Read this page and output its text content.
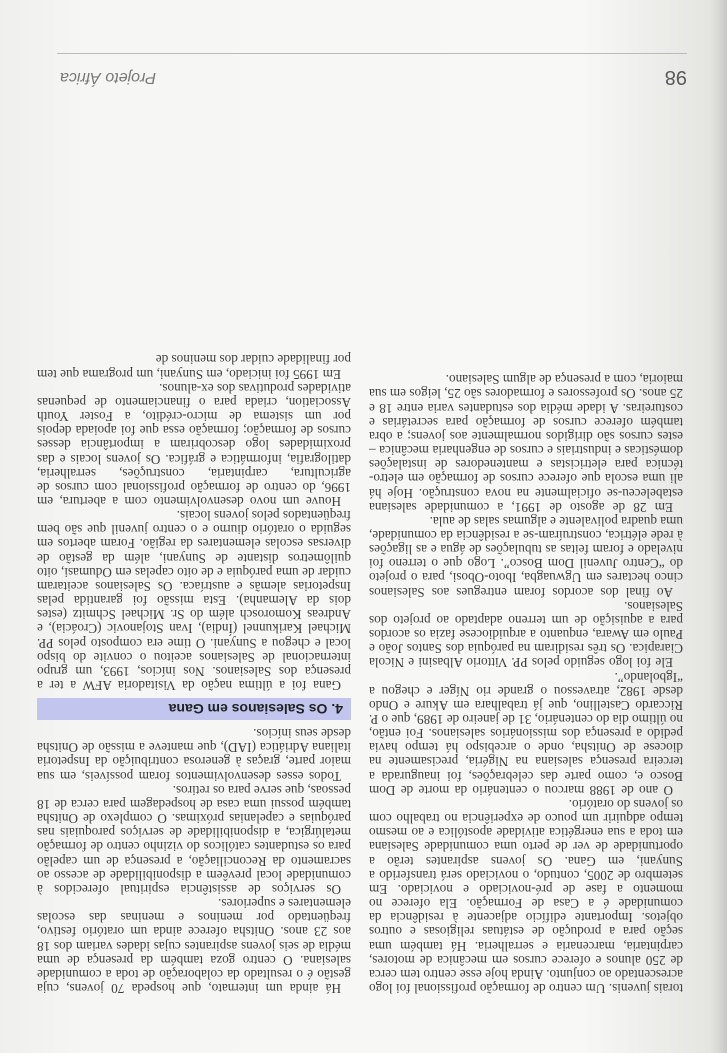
98
Projeto África

torais juvenis. Um centro de formação profissional foi logo acrescentado ao conjunto. Ainda hoje esse centro tem cerca de 250 alunos e oferece cursos em mecânica de motores, carpintaria, marcenaria e serralheria. Há também uma seção para a produção de estátuas religiosas e outros objetos. Importante edifício adjacente à residência da comunidade é a Casa de Formação. Ela oferece no momento a fase de pré-noviciado e noviciado. Em setembro de 2005, contudo, o noviciado será transferido a Sunyani, em Gana. Os jovens aspirantes terão a oportunidade de ver de perto uma comunidade Salesiana em toda a sua energética atividade apostólica e ao mesmo tempo adquirir um pouco de experiência no trabalho com os jovens do oratório.

O ano de 1988 marcou o centenário da morte de Dom Bosco e, como parte das celebrações, foi inaugurada a terceira presença salesiana na Nigéria, precisamente na diocese de Onitsha, onde o arcebispo há tempo havia pedido a presença dos missionários salesianos. Foi então, no último dia do centenário, 31 de janeiro de 1989, que o P. Riccardo Castellino, que já trabalhara em Akure e Ondo desde 1982, atravessou o grande rio Níger e chegou a “Igbolando”.

Ele foi logo seguido pelos PP. Vittorio Albasini e Nicola Ciarapica. Os três residiram na paróquia dos Santos João e Paulo em Awara, enquanto a arquidiocese fazia os acordos para a aquisição de um terreno adaptado ao projeto dos Salesianos.

Ao final dos acordos foram entregues aos Salesianos cinco hectares em Ugwuagba, Iboto-Obosi, para o projeto do “Centro Juvenil Dom Bosco”. Logo que o terreno foi nivelado e foram feitas as tubulações de água e as ligações à rede elétrica, construíram-se a residência da comunidade, uma quadra polivalente e algumas salas de aula.

Em 28 de agosto de 1991, a comunidade salesiana estabeleceu-se oficialmente na nova construção. Hoje há ali uma escola que oferece cursos de formação em eletro-técnica para eletricistas e mantenedores de instalações domésticas e industriais e cursos de engenharia mecânica – estes cursos são dirigidos normalmente aos jovens; a obra também oferece cursos de formação para secretárias e costureiras. A idade média dos estudantes varia entre 18 e 25 anos. Os professores e formadores são 25, leigos em sua maioria, com a presença de algum Salesiano.

Há ainda um internato, que hospeda 70 jovens, cuja gestão é o resultado da colaboração de toda a comunidade salesiana. O centro goza também da presença de uma média de seis jovens aspirantes cujas idades variam dos 18 aos 23 anos. Onitsha oferece ainda um oratório festivo, freqüentado por meninos e meninas das escolas elementares e superiores.

Os serviços de assistência espiritual oferecidos à comunidade local prevêem a disponibilidade de acesso ao sacramento da Reconciliação, a presença de um capelão para os estudantes católicos do vizinho centro de formação metalúrgica, a disponibilidade de serviços paroquiais nas paróquias e capelanias próximas. O complexo de Onitsha também possui uma casa de hospedagem para cerca de 18 pessoas, que serve para os retiros.

Todos esses desenvolvimentos foram possíveis, em sua maior parte, graças à generosa contribuição da Inspetoria italiana Adriática (IAD), que manteve a missão de Onitsha desde seus inícios.

4. Os Salesianos em Gana

Gana foi a última nação da Visitadoria AFW a ter a presença dos Salesianos. Nos inícios, 1993, um grupo internacional de Salesianos aceitou o convite do bispo local e chegou a Sunyani. O time era composto pelos PP. Michael Karikunnel (Índia), Ivan Stojanovic (Croácia), e Andreas Komorosch além do Sr. Michael Schmitz (estes dois da Alemanha). Esta missão foi garantida pelas Inspetorias alemãs e austríaca. Os Salesianos aceitaram cuidar de uma paróquia e de oito capelas em Odumasi, oito quilômetros distante de Sunyani, além da gestão de diversas escolas elementares da região. Foram abertos em seguida o oratório diurno e o centro juvenil que são bem freqüentados pelos jovens locais.

Houve um novo desenvolvimento com a abertura, em 1996, do centro de formação profissional com cursos de agricultura, carpintaria, construções, serralheria, datilografia, informática e gráfica. Os jovens locais e das proximidades logo descobriram a importância desses cursos de formação; formação essa que foi apoiada depois por um sistema de micro-crédito, a Foster Youth Association, criada para o financiamento de pequenas atividades produtivas dos ex-alunos.

Em 1995 foi iniciado, em Sunyani, um programa que tem por finalidade cuidar dos meninos de
